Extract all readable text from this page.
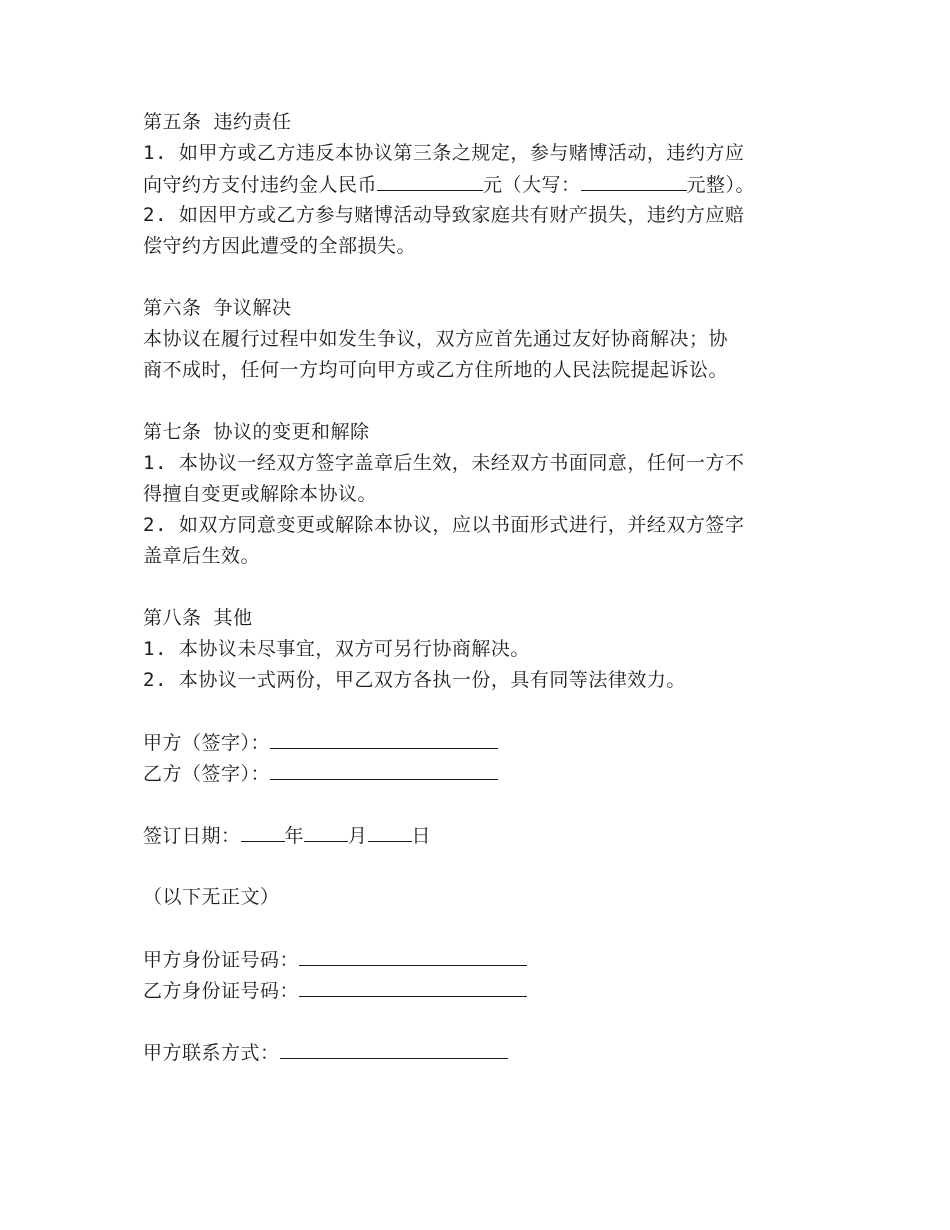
第五条 违约责任
1. 如甲方或乙方违反本协议第三条之规定，参与赌博活动，违约方应
向守约方支付违约金人民币	元（大写：	元整）。
2. 如因甲方或乙方参与赌博活动导致家庭共有财产损失，违约方应赔
偿守约方因此遭受的全部损失。
第六条 争议解决
本协议在履行过程中如发生争议，双方应首先通过友好协商解决；协
商不成时，任何一方均可向甲方或乙方住所地的人民法院提起诉讼。
第七条 协议的变更和解除
1. 本协议一经双方签字盖章后生效，未经双方书面同意，任何一方不
得擅自变更或解除本协议。
2. 如双方同意变更或解除本协议，应以书面形式进行，并经双方签字
盖章后生效。
第八条 其他
1. 本协议未尽事宜，双方可另行协商解决。
2. 本协议一式两份，甲乙双方各执一份，具有同等法律效力。
甲方（签字）：
乙方（签字）：
签订日期： 年 月 日
（以下无正文）
甲方身份证号码：
乙方身份证号码：
甲方联系方式：
